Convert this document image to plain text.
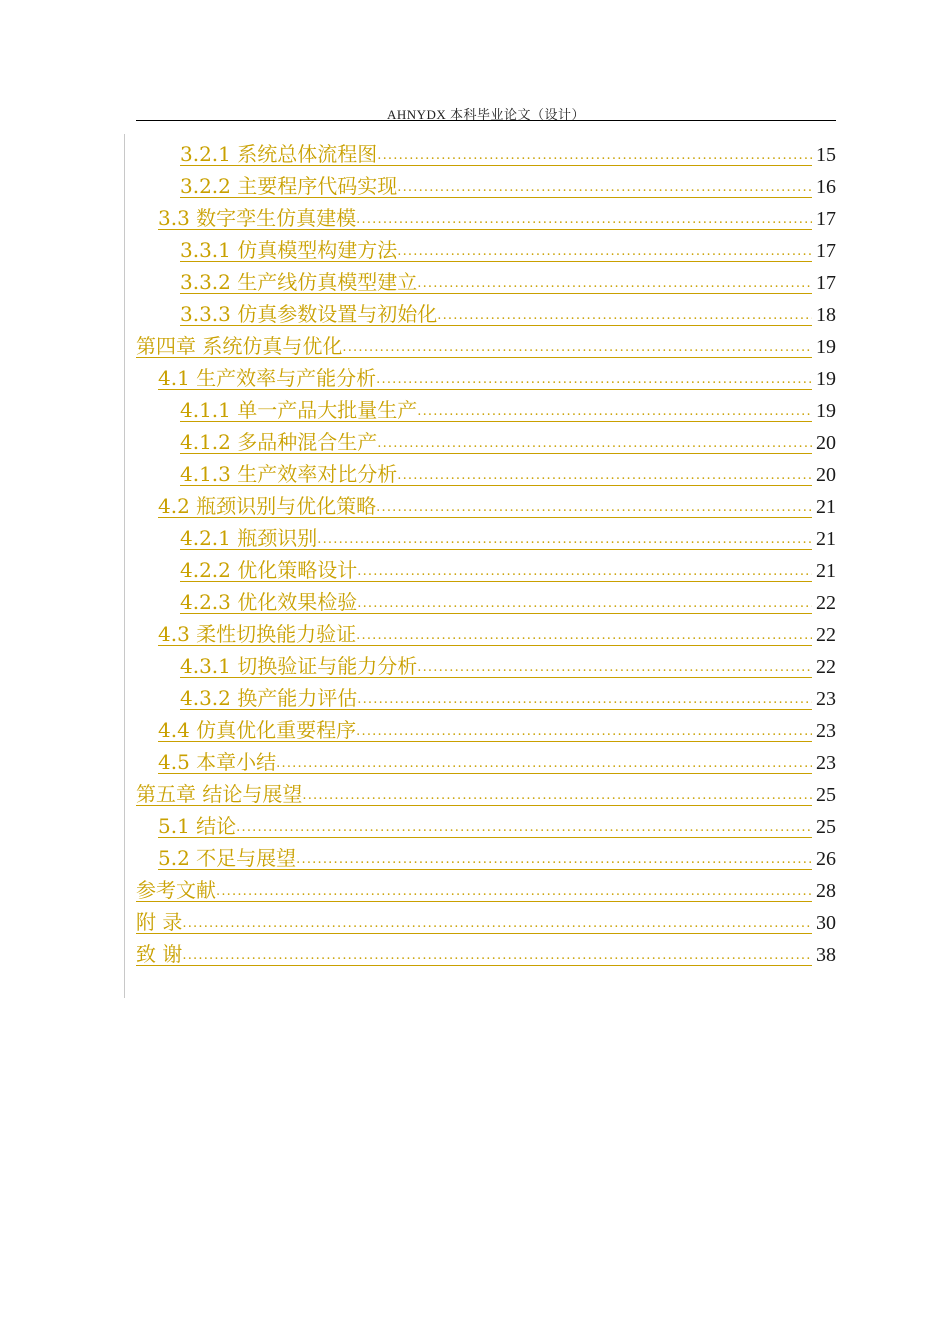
AHNYDX 本科毕业论文（设计）
3.2.1 系统总体流程图 .....	15
3.2.2 主要程序代码实现 .....	16
3.3 数字孪生仿真建模 .....	17
3.3.1 仿真模型构建方法 .....	17
3.3.2 生产线仿真模型建立 .....	17
3.3.3 仿真参数设置与初始化 .....	18
第四章 系统仿真与优化 .....	19
4.1 生产效率与产能分析 .....	19
4.1.1 单一产品大批量生产 .....	19
4.1.2 多品种混合生产 .....	20
4.1.3 生产效率对比分析 .....	20
4.2 瓶颈识别与优化策略 .....	21
4.2.1 瓶颈识别 .....	21
4.2.2 优化策略设计 .....	21
4.2.3 优化效果检验 .....	22
4.3 柔性切换能力验证 .....	22
4.3.1 切换验证与能力分析 .....	22
4.3.2 换产能力评估 .....	23
4.4 仿真优化重要程序 .....	23
4.5 本章小结 .....	23
第五章 结论与展望 .....	25
5.1 结论 .....	25
5.2 不足与展望 .....	26
参考文献 .....	28
附 录 .....	30
致 谢 .....	38
